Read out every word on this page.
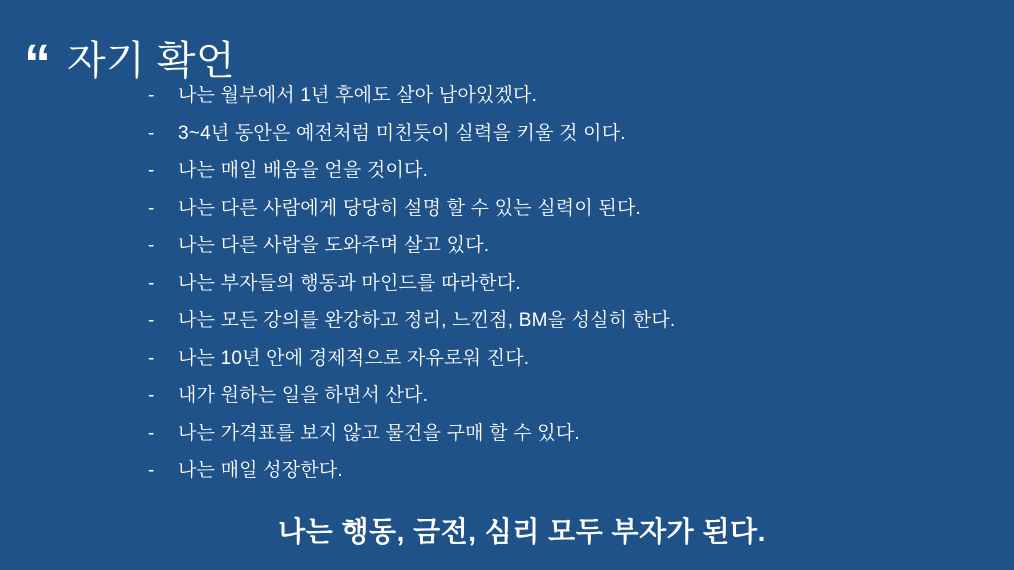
“ 자기 확언
-	나는 월부에서 1년 후에도 살아 남아있겠다.
-	3~4년 동안은 예전처럼 미친듯이 실력을 키울 것 이다.
-	나는 매일 배움을 얻을 것이다.
-	나는 다른 사람에게 당당히 설명 할 수 있는 실력이 된다.
-	나는 다른 사람을 도와주며 살고 있다.
-	나는 부자들의 행동과 마인드를 따라한다.
-	나는 모든 강의를 완강하고 정리, 느낀점, BM을 성실히 한다.
-	나는 10년 안에 경제적으로 자유로워 진다.
-	내가 원하는 일을 하면서 산다.
-	나는 가격표를 보지 않고 물건을 구매 할 수 있다.
-	나는 매일 성장한다.
나는 행동, 금전, 심리 모두 부자가 된다.
